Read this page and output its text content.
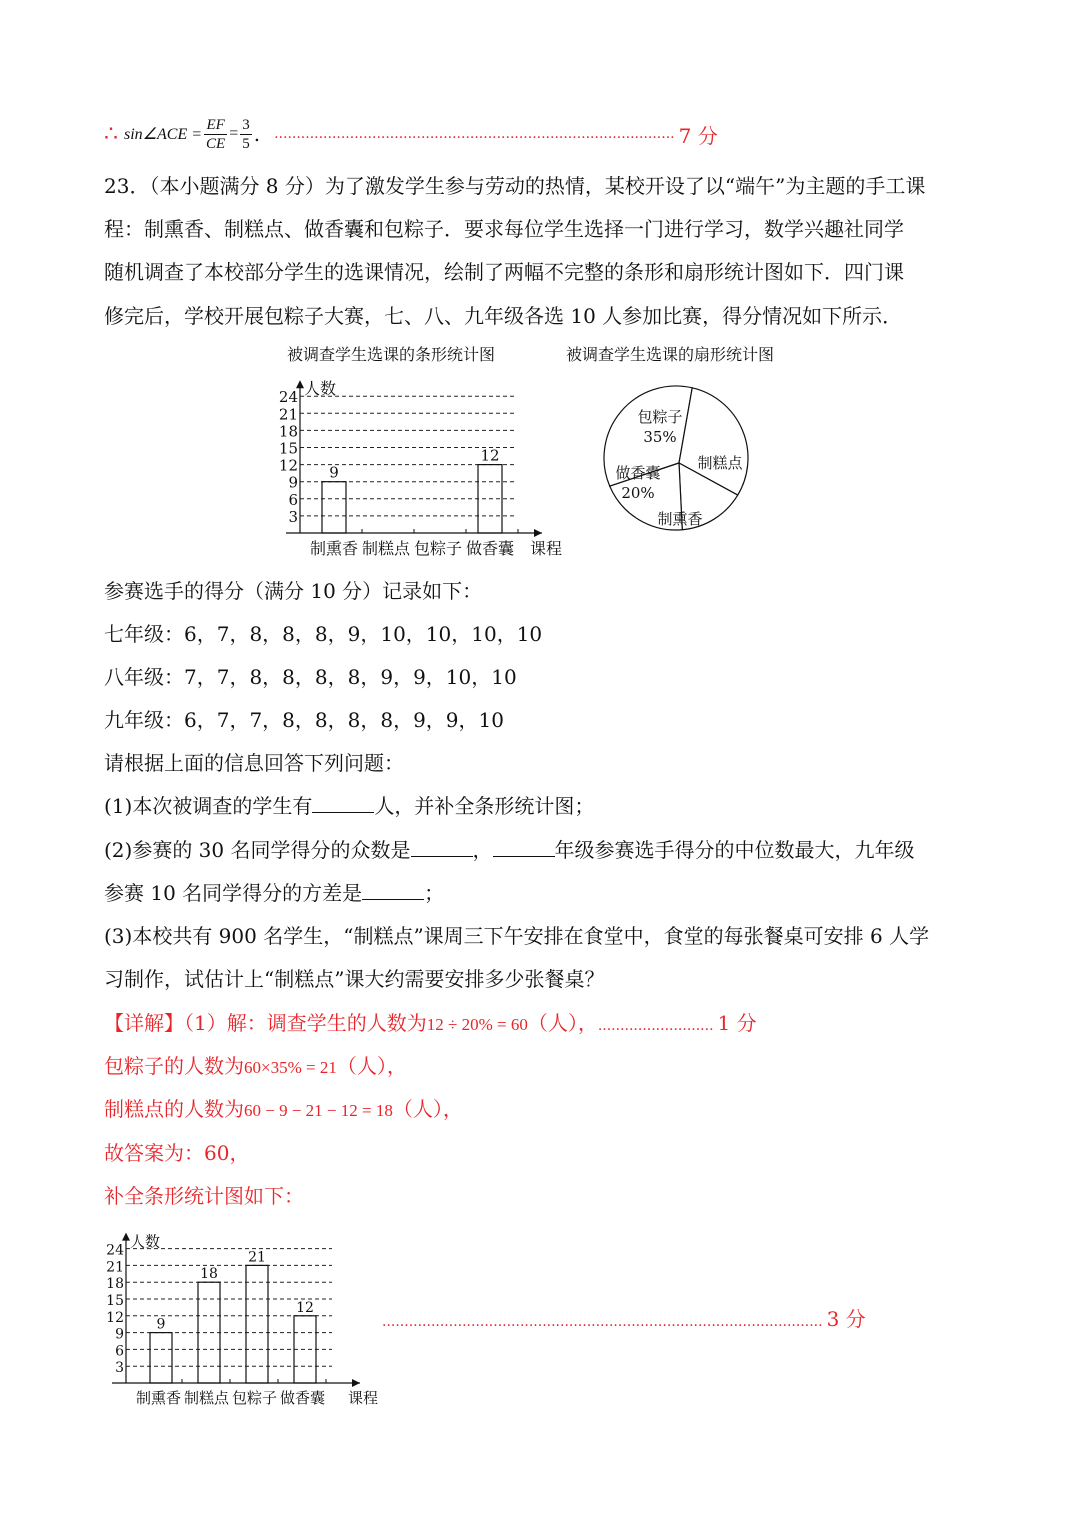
∴ sin∠ACE = $\frac{EF}{CE} = \frac{3}{5}$ . .......................................................................................... 7 分
23．（本小题满分 8 分）为了激发学生参与劳动的热情，某校开设了以“端午”为主题的手工课
程：制熏香、制糕点、做香囊和包粽子．要求每位学生选择一门进行学习，数学兴趣社同学
随机调查了本校部分学生的选课情况，绘制了两幅不完整的条形和扇形统计图如下．四门课
修完后，学校开展包粽子大赛，七、八、九年级各选 10 人参加比赛，得分情况如下所示．
被调查学生选课的条形统计图	被调查学生选课的扇形统计图
3
6
9
12
15
18
21
24 人数
制熏香
9
制糕点 包粽子 做香囊
12
课程
包粽子
35%
制糕点
制熏香
做香囊
20%
参赛选手的得分（满分 10 分）记录如下：
七年级：6，7，8，8，8，9，10，10，10，10
八年级：7，7，8，8，8，8，9，9，10，10
九年级：6，7，7，8，8，8，8，9，9，10
请根据上面的信息回答下列问题：
(1)本次被调查的学生有	人，并补全条形统计图；
(2)参赛的 30 名同学得分的众数是	，	年级参赛选手得分的中位数最大，九年级
参赛 10 名同学得分的方差是	；
(3)本校共有 900 名学生，“制糕点”课周三下午安排在食堂中，食堂的每张餐桌可安排 6 人学
习制作，试估计上“制糕点”课大约需要安排多少张餐桌？
【详解】（1）解：调查学生的人数为12 ÷ 20% = 60（人），.......................... 1 分
包粽子的人数为60×35% = 21（人），
制糕点的人数为60 − 9 − 21 − 12 = 18（人），
故答案为：60，
补全条形统计图如下：
3
6
9
12
15
18
21
24 人数
制熏香
9
制糕点
18
包粽子
21
做香囊
12
课程
................................................................................................... 3 分
